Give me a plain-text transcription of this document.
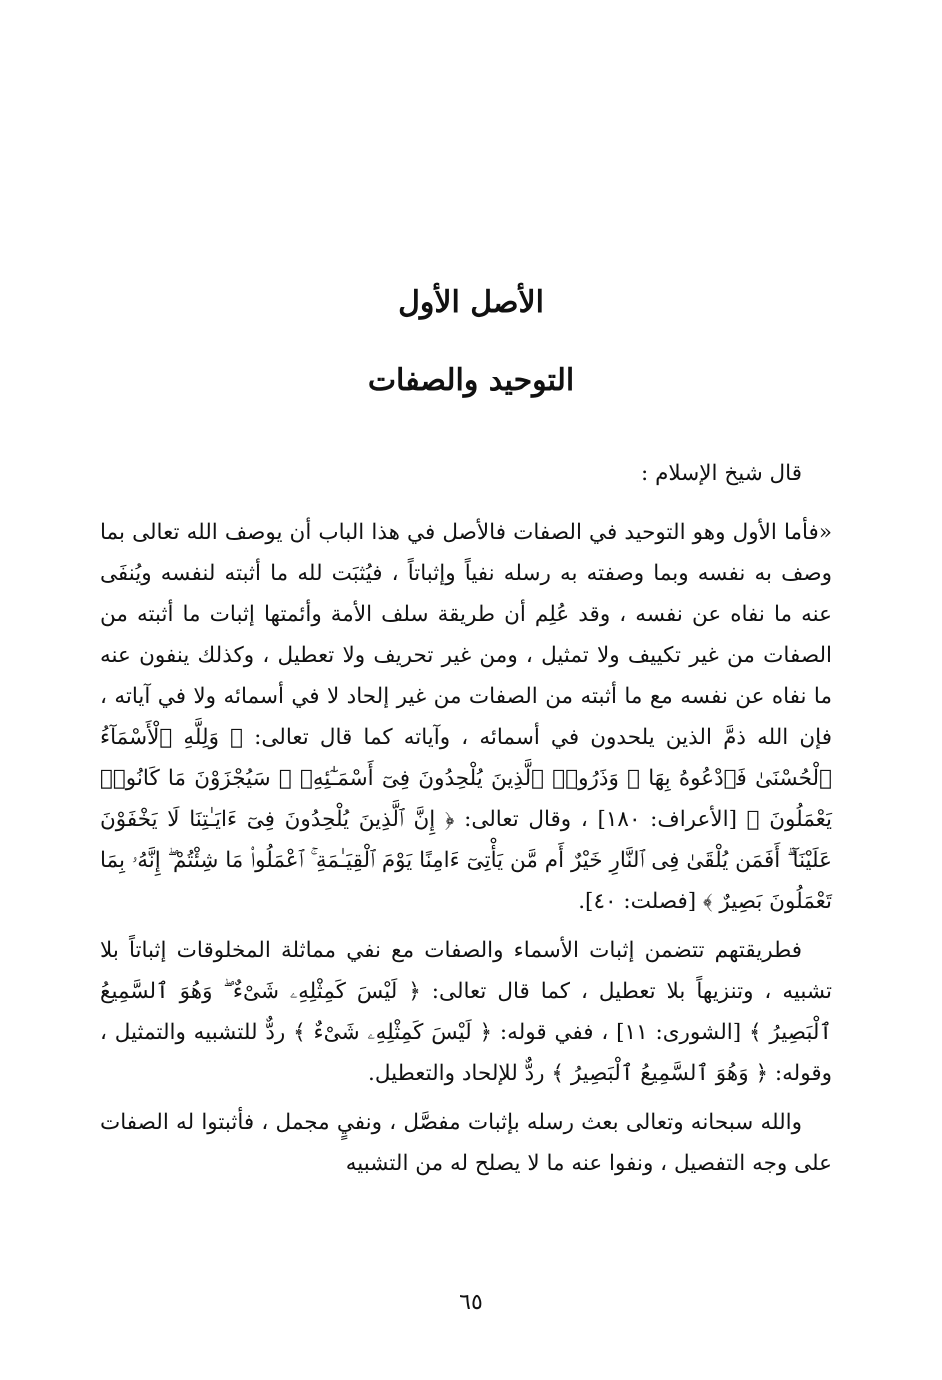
الأصل الأول
التوحيد والصفات

قال شيخ الإسلام :

«فأما الأول وهو التوحيد في الصفات فالأصل في هذا الباب أن يوصف الله تعالى بما وصف به نفسه وبما وصفته به رسله نفياً وإثباتاً ، فيُثبَت لله ما أثبته لنفسه ويُنفَى عنه ما نفاه عن نفسه ، وقد عُلِم أن طريقة سلف الأمة وأئمتها إثبات ما أثبته من الصفات من غير تكييف ولا تمثيل ، ومن غير تحريف ولا تعطيل ، وكذلك ينفون عنه ما نفاه عن نفسه مع ما أثبته من الصفات من غير إلحاد لا في أسمائه ولا في آياته ، فإن الله ذمَّ الذين يلحدون في أسمائه ، وآياته كما قال تعالى: ﴿ وَلِلَّهِ ٱلْأَسْمَآءُ ٱلْحُسْنَىٰ فَٱدْعُوهُ بِهَا ۖ وَذَرُوا۟ ٱلَّذِينَ يُلْحِدُونَ فِىٓ أَسْمَـٰٓئِهِۦ ۚ سَيُجْزَوْنَ مَا كَانُوا۟ يَعْمَلُونَ ﴾ [الأعراف: ١٨٠] ، وقال تعالى: ﴿ إِنَّ ٱلَّذِينَ يُلْحِدُونَ فِىٓ ءَايَـٰتِنَا لَا يَخْفَوْنَ عَلَيْنَآ ۗ أَفَمَن يُلْقَىٰ فِى ٱلنَّارِ خَيْرٌ أَم مَّن يَأْتِىٓ ءَامِنًا يَوْمَ ٱلْقِيَـٰمَةِ ۚ ٱعْمَلُوا۟ مَا شِئْتُمْ ۖ إِنَّهُۥ بِمَا تَعْمَلُونَ بَصِيرٌ ﴾ [فصلت: ٤٠].

فطريقتهم تتضمن إثبات الأسماء والصفات مع نفي مماثلة المخلوقات إثباتاً بلا تشبيه ، وتنزيهاً بلا تعطيل ، كما قال تعالى: ﴿ لَيْسَ كَمِثْلِهِۦ شَىْءٌ ۖ وَهُوَ ٱلسَّمِيعُ ٱلْبَصِيرُ ﴾ [الشورى: ١١] ، ففي قوله: ﴿ لَيْسَ كَمِثْلِهِۦ شَىْءٌ ﴾ ردٌّ للتشبيه والتمثيل ، وقوله: ﴿ وَهُوَ ٱلسَّمِيعُ ٱلْبَصِيرُ ﴾ ردٌّ للإلحاد والتعطيل.

والله سبحانه وتعالى بعث رسله بإثبات مفصَّل ، ونفيٍ مجمل ، فأثبتوا له الصفات على وجه التفصيل ، ونفوا عنه ما لا يصلح له من التشبيه

٦٥
